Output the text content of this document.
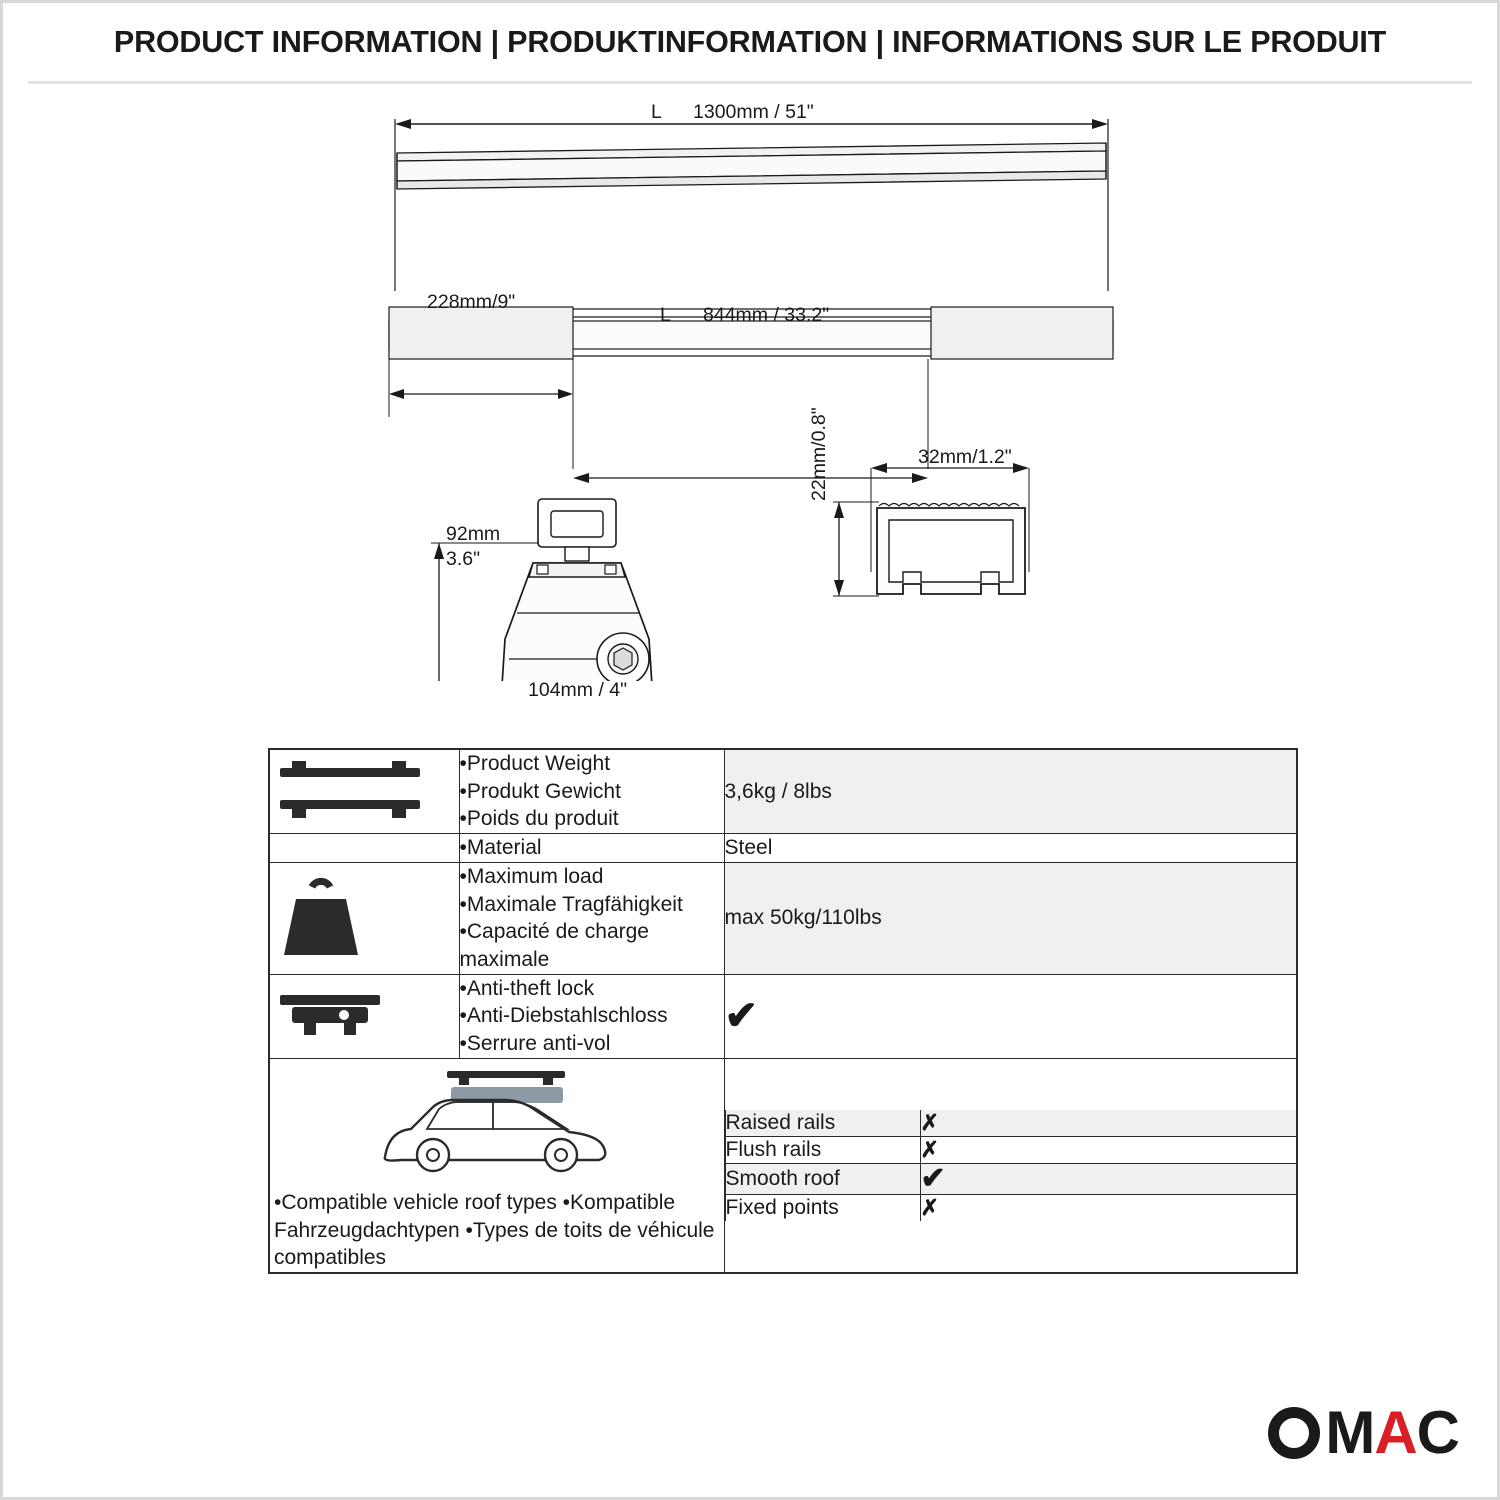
PRODUCT INFORMATION | PRODUKTINFORMATION | INFORMATIONS SUR LE PRODUIT
L 1300mm / 51"
228mm/9"
L 844mm / 33.2"
92mm
3.6"
104mm / 4"
32mm/1.2"
22mm/0.8"

•Product Weight
•Produkt Gewicht
•Poids du produit
	3,6kg / 8lbs

•Material	Steel

•Maximum load
•Maximale Tragfähigkeit
•Capacité de charge maximale
	max 50kg/110lbs

•Anti-theft lock
•Anti-Diebstahlschloss
•Serrure anti-vol
	✔

•Compatible vehicle roof types •Kompatible Fahrzeugdachtypen •Types de toits de véhicule compatibles

Raised rails	✗
Flush rails	✗
Smooth roof	✔
Fixed points	✗
M A C
